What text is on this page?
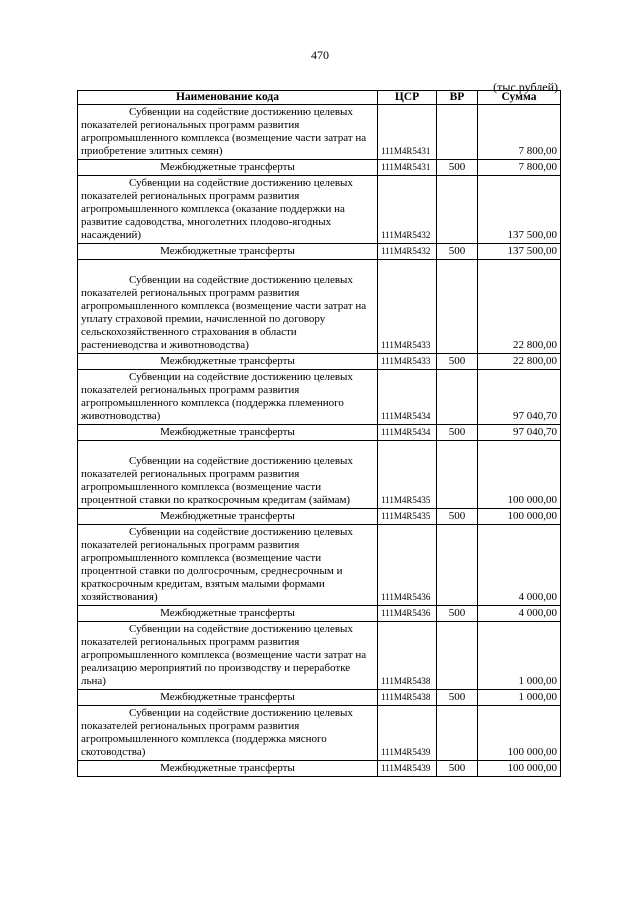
470
(тыс.рублей)
Наименование кода	ЦСР	ВР	Сумма

Субвенции на содействие достижению целевых показателей региональных программ развития агропромышленного комплекса (возмещение части затрат на приобретение элитных семян)	111M4R5431		7 800,00
Межбюджетные трансферты	111M4R5431	500	7 800,00

Субвенции на содействие достижению целевых показателей региональных программ развития агропромышленного комплекса (оказание поддержки на развитие садоводства, многолетних плодово-ягодных насаждений)	111M4R5432		137 500,00
Межбюджетные трансферты	111M4R5432	500	137 500,00

Субвенции на содействие достижению целевых показателей региональных программ развития агропромышленного комплекса (возмещение части затрат на уплату страховой премии, начисленной по договору сельскохозяйственного страхования в области растениеводства и животноводства)	111M4R5433		22 800,00
Межбюджетные трансферты	111M4R5433	500	22 800,00

Субвенции на содействие достижению целевых показателей региональных программ развития агропромышленного комплекса (поддержка племенного животноводства)	111M4R5434		97 040,70
Межбюджетные трансферты	111M4R5434	500	97 040,70

Субвенции на содействие достижению целевых показателей региональных программ развития агропромышленного комплекса (возмещение части процентной ставки по краткосрочным кредитам (займам)	111M4R5435		100 000,00
Межбюджетные трансферты	111M4R5435	500	100 000,00

Субвенции на содействие достижению целевых показателей региональных программ развития агропромышленного комплекса (возмещение части процентной ставки по долгосрочным, среднесрочным и краткосрочным кредитам, взятым малыми формами хозяйствования)	111M4R5436		4 000,00
Межбюджетные трансферты	111M4R5436	500	4 000,00

Субвенции на содействие достижению целевых показателей региональных программ развития агропромышленного комплекса (возмещение части затрат на реализацию мероприятий по производству и переработке льна)	111M4R5438		1 000,00
Межбюджетные трансферты	111M4R5438	500	1 000,00

Субвенции на содействие достижению целевых показателей региональных программ развития агропромышленного комплекса (поддержка мясного скотоводства)	111M4R5439		100 000,00
Межбюджетные трансферты	111M4R5439	500	100 000,00
